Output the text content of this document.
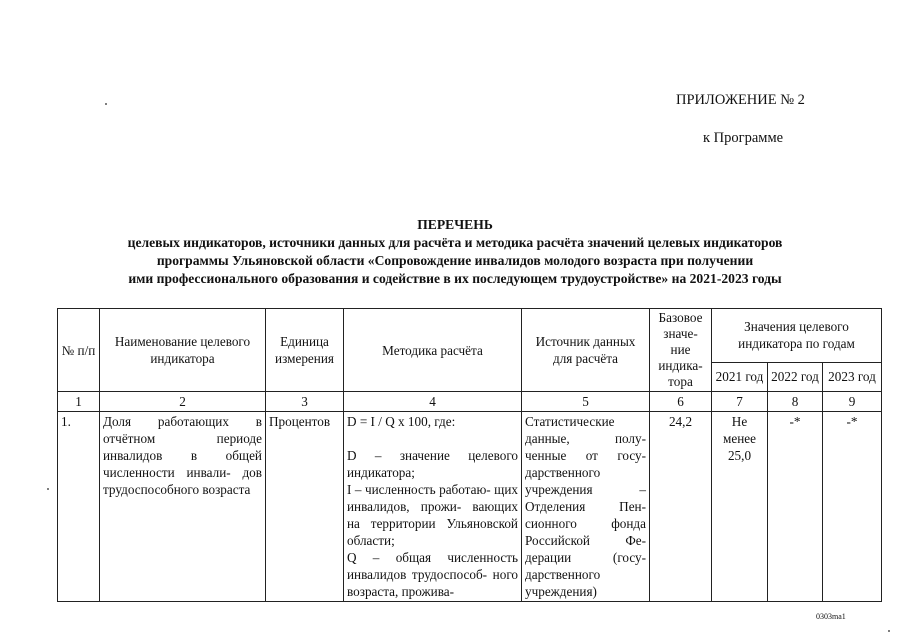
ПРИЛОЖЕНИЕ № 2
к Программе
ПЕРЕЧЕНЬ
целевых индикаторов, источники данных для расчёта и методика расчёта значений целевых индикаторов
программы Ульяновской области «Сопровождение инвалидов молодого возраста при получении
ими профессионального образования и содействие в их последующем трудоустройстве» на 2021-2023 годы
№ п/п	Наименование целевого индикатора	Единица измерения	Методика расчёта	Источник данных для расчёта	Базовое значе- ние индика- тора	Значения целевого индикатора по годам		
						2021 год	2022 год	2023 год
1	2	3	4	5	6	7	8	9
1.	Доля работающих в отчётном периоде инвалидов в общей численности инвали- дов трудоспособного возраста	Процентов	D = I / Q x 100, где:
D – значение целевого индикатора;
I – численность работаю- щих инвалидов, прожи- вающих на территории Ульяновской области;
Q – общая численность инвалидов трудоспособ- ного возраста, прожива-	Статистические данные, полу- ченные от госу- дарственного учреждения – Отделения Пен- сионного фонда Российской Фе- дерации (госу- дарственного учреждения)	24,2	Не менее 25,0	-*	-*
0303ma1
